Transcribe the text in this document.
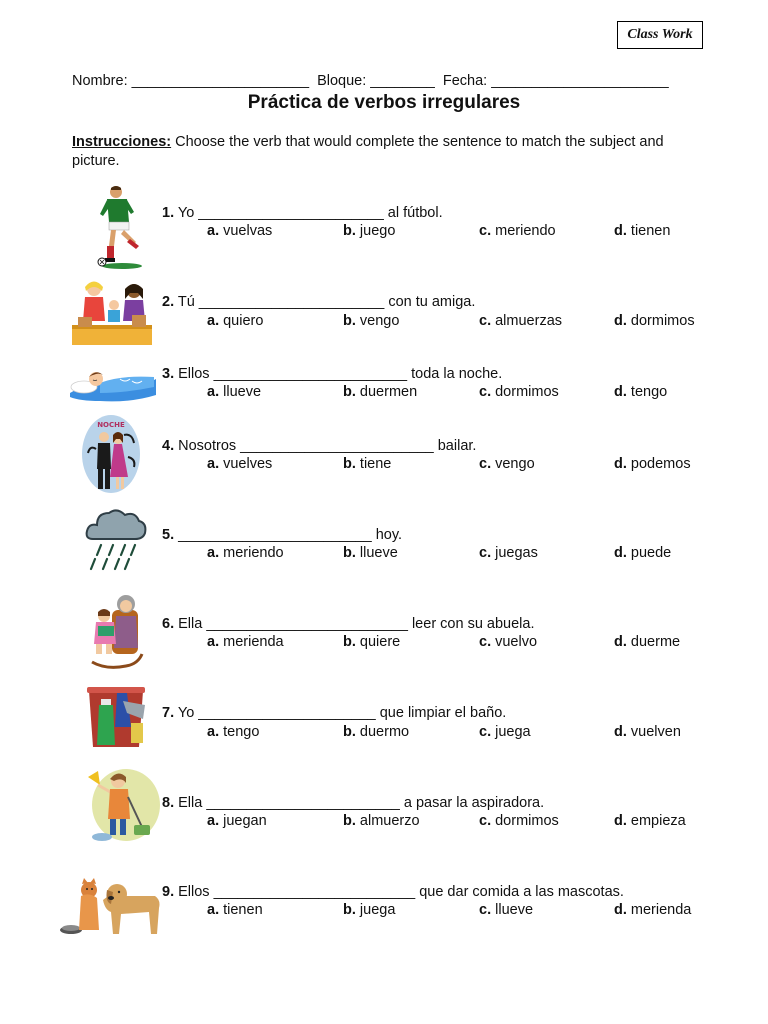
Class Work
Nombre: ______________________  Bloque: ________  Fecha: ______________________
Práctica de verbos irregulares
Instrucciones: Choose the verb that would complete the sentence to match the subject and picture.
1. Yo _______________________ al fútbol.
a. vuelvas	b. juego	c. meriendo	d. tienen
2. Tú _______________________ con tu amiga.
a. quiero	b. vengo	c. almuerzas	d. dormimos
3. Ellos ________________________ toda la noche.
a. llueve	b. duermen	c. dormimos	d. tengo
4. Nosotros ________________________ bailar.
a. vuelves	b. tiene	c. vengo	d. podemos
5. ________________________ hoy.
a. meriendo	b. llueve	c. juegas	d. puede
6. Ella _________________________ leer con su abuela.
a. merienda	b. quiere	c. vuelvo	d. duerme
7. Yo ______________________ que limpiar el baño.
a. tengo	b. duermo	c. juega	d. vuelven
8. Ella ________________________ a pasar la aspiradora.
a. juegan	b. almuerzo	c. dormimos	d. empieza
9. Ellos _________________________ que dar comida a las mascotas.
a. tienen	b. juega	c. llueve	d. merienda
NOCHE
